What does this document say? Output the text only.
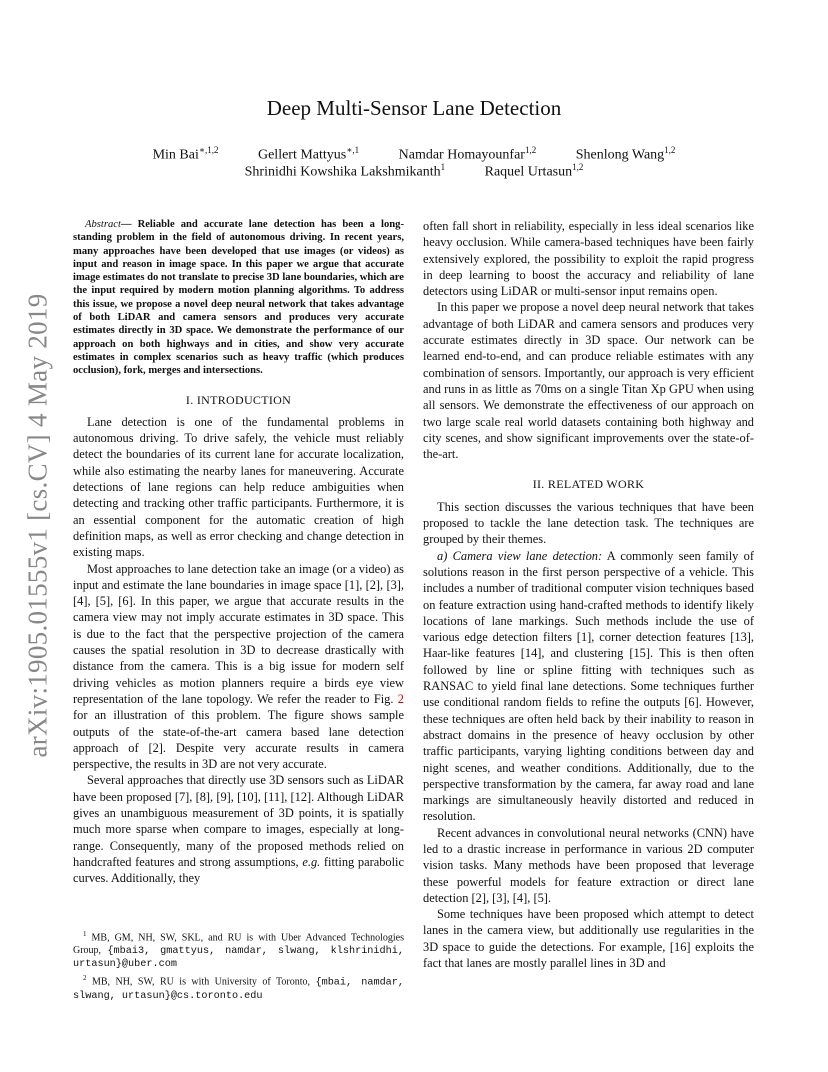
arXiv:1905.01555v1 [cs.CV] 4 May 2019
Deep Multi-Sensor Lane Detection
Min Bai$^{∗,1,2}$	Gellert Mattyus$^{∗,1}$	Namdar Homayounfar$^{1,2}$	Shenlong Wang$^{1,2}$
Shrinidhi Kowshika Lakshmikanth$^1$	Raquel Urtasun$^{1,2}$
Abstract— Reliable and accurate lane detection has been a long-standing problem in the field of autonomous driving. In recent years, many approaches have been developed that use images (or videos) as input and reason in image space. In this paper we argue that accurate image estimates do not translate to precise 3D lane boundaries, which are the input required by modern motion planning algorithms. To address this issue, we propose a novel deep neural network that takes advantage of both LiDAR and camera sensors and produces very accurate estimates directly in 3D space. We demonstrate the performance of our approach on both highways and in cities, and show very accurate estimates in complex scenarios such as heavy traffic (which produces occlusion), fork, merges and intersections.
I. INTRODUCTION

Lane detection is one of the fundamental problems in autonomous driving. To drive safely, the vehicle must reliably detect the boundaries of its current lane for accurate localization, while also estimating the nearby lanes for maneuvering. Accurate detections of lane regions can help reduce ambiguities when detecting and tracking other traffic participants. Furthermore, it is an essential component for the automatic creation of high definition maps, as well as error checking and change detection in existing maps.

Most approaches to lane detection take an image (or a video) as input and estimate the lane boundaries in image space [1], [2], [3], [4], [5], [6]. In this paper, we argue that accurate results in the camera view may not imply accurate estimates in 3D space. This is due to the fact that the perspective projection of the camera causes the spatial resolution in 3D to decrease drastically with distance from the camera. This is a big issue for modern self driving vehicles as motion planners require a birds eye view representation of the lane topology. We refer the reader to Fig. 2 for an illustration of this problem. The figure shows sample outputs of the state-of-the-art camera based lane detection approach of [2]. Despite very accurate results in camera perspective, the results in 3D are not very accurate.

Several approaches that directly use 3D sensors such as LiDAR have been proposed [7], [8], [9], [10], [11], [12]. Although LiDAR gives an unambiguous measurement of 3D points, it is spatially much more sparse when compare to images, especially at long-range. Consequently, many of the proposed methods relied on handcrafted features and strong assumptions, e.g. fitting parabolic curves. Additionally, they

$^1$ MB, GM, NH, SW, SKL, and RU is with Uber Advanced Technologies Group, {mbai3, gmattyus, namdar, slwang, klshrinidhi, urtasun}@uber.com

$^2$ MB, NH, SW, RU is with University of Toronto, {mbai, namdar, slwang, urtasun}@cs.toronto.edu

often fall short in reliability, especially in less ideal scenarios like heavy occlusion. While camera-based techniques have been fairly extensively explored, the possibility to exploit the rapid progress in deep learning to boost the accuracy and reliability of lane detectors using LiDAR or multi-sensor input remains open.

In this paper we propose a novel deep neural network that takes advantage of both LiDAR and camera sensors and produces very accurate estimates directly in 3D space. Our network can be learned end-to-end, and can produce reliable estimates with any combination of sensors. Importantly, our approach is very efficient and runs in as little as 70ms on a single Titan Xp GPU when using all sensors. We demonstrate the effectiveness of our approach on two large scale real world datasets containing both highway and city scenes, and show significant improvements over the state-of-the-art.

II. RELATED WORK

This section discusses the various techniques that have been proposed to tackle the lane detection task. The techniques are grouped by their themes.

a) Camera view lane detection: A commonly seen family of solutions reason in the first person perspective of a vehicle. This includes a number of traditional computer vision techniques based on feature extraction using hand-crafted methods to identify likely locations of lane markings. Such methods include the use of various edge detection filters [1], corner detection features [13], Haar-like features [14], and clustering [15]. This is then often followed by line or spline fitting with techniques such as RANSAC to yield final lane detections. Some techniques further use conditional random fields to refine the outputs [6]. However, these techniques are often held back by their inability to reason in abstract domains in the presence of heavy occlusion by other traffic participants, varying lighting conditions between day and night scenes, and weather conditions. Additionally, due to the perspective transformation by the camera, far away road and lane markings are simultaneously heavily distorted and reduced in resolution.

Recent advances in convolutional neural networks (CNN) have led to a drastic increase in performance in various 2D computer vision tasks. Many methods have been proposed that leverage these powerful models for feature extraction or direct lane detection [2], [3], [4], [5].

Some techniques have been proposed which attempt to detect lanes in the camera view, but additionally use regularities in the 3D space to guide the detections. For example, [16] exploits the fact that lanes are mostly parallel lines in 3D and
